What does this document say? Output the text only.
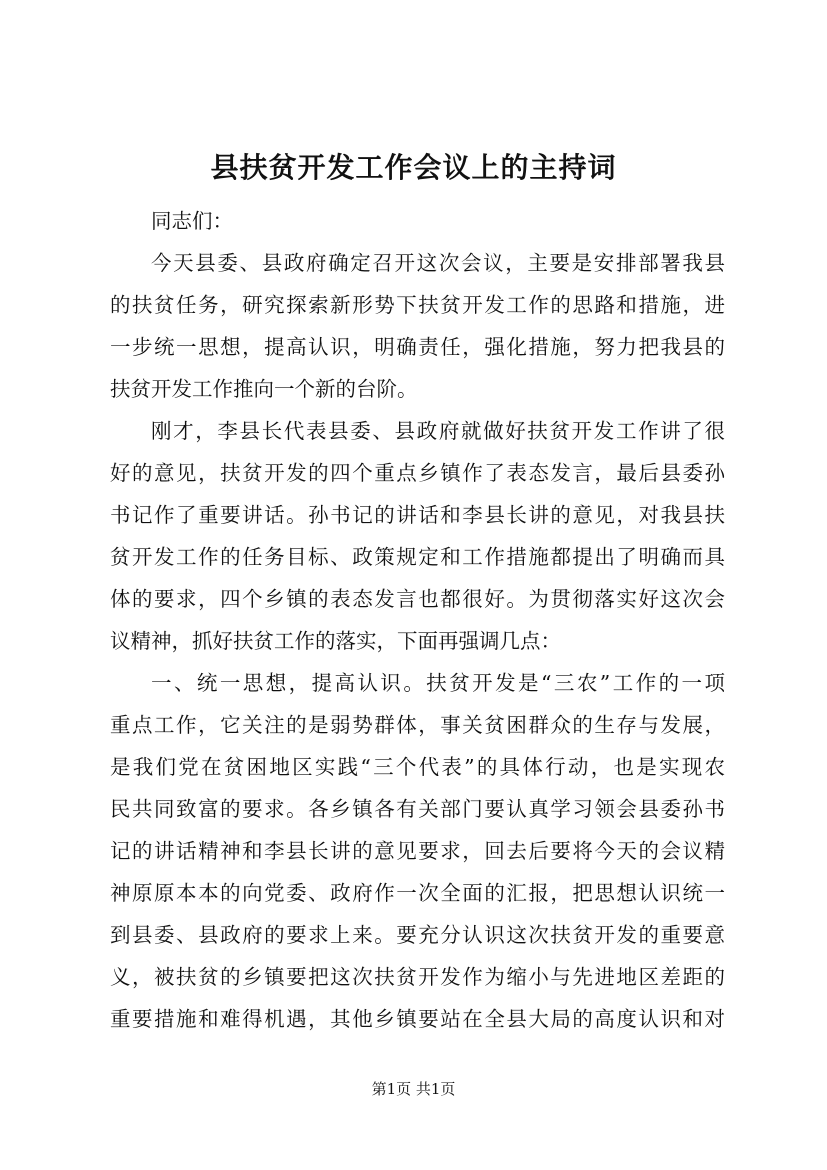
县扶贫开发工作会议上的主持词
同志们：
今天县委、县政府确定召开这次会议，主要是安排部署我县
的扶贫任务，研究探索新形势下扶贫开发工作的思路和措施，进
一步统一思想，提高认识，明确责任，强化措施，努力把我县的
扶贫开发工作推向一个新的台阶。
刚才，李县长代表县委、县政府就做好扶贫开发工作讲了很
好的意见，扶贫开发的四个重点乡镇作了表态发言，最后县委孙
书记作了重要讲话。孙书记的讲话和李县长讲的意见，对我县扶
贫开发工作的任务目标、政策规定和工作措施都提出了明确而具
体的要求，四个乡镇的表态发言也都很好。为贯彻落实好这次会
议精神，抓好扶贫工作的落实，下面再强调几点：
一、统一思想，提高认识。扶贫开发是“三农”工作的一项
重点工作，它关注的是弱势群体，事关贫困群众的生存与发展，
是我们党在贫困地区实践“三个代表”的具体行动，也是实现农
民共同致富的要求。各乡镇各有关部门要认真学习领会县委孙书
记的讲话精神和李县长讲的意见要求，回去后要将今天的会议精
神原原本本的向党委、政府作一次全面的汇报，把思想认识统一
到县委、县政府的要求上来。要充分认识这次扶贫开发的重要意
义，被扶贫的乡镇要把这次扶贫开发作为缩小与先进地区差距的
重要措施和难得机遇，其他乡镇要站在全县大局的高度认识和对
第1页 共1页
